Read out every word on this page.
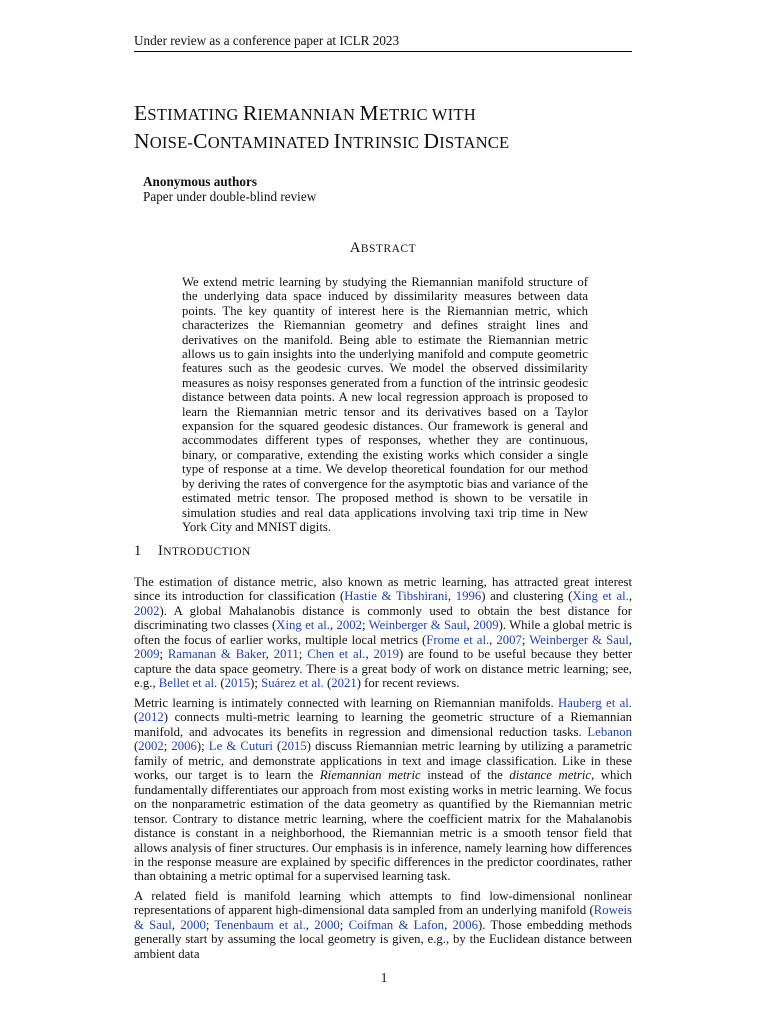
Under review as a conference paper at ICLR 2023
ESTIMATING RIEMANNIAN METRIC WITH
NOISE-CONTAMINATED INTRINSIC DISTANCE
Anonymous authors
Paper under double-blind review
ABSTRACT
We extend metric learning by studying the Riemannian manifold structure of the underlying data space induced by dissimilarity measures between data points. The key quantity of interest here is the Riemannian metric, which characterizes the Riemannian geometry and defines straight lines and derivatives on the manifold. Being able to estimate the Riemannian metric allows us to gain insights into the underlying manifold and compute geometric features such as the geodesic curves. We model the observed dissimilarity measures as noisy responses generated from a function of the intrinsic geodesic distance between data points. A new local regression approach is proposed to learn the Riemannian metric tensor and its derivatives based on a Taylor expansion for the squared geodesic distances. Our framework is general and accommodates different types of responses, whether they are continuous, binary, or comparative, extending the existing works which consider a single type of response at a time. We develop theoretical foundation for our method by deriving the rates of convergence for the asymptotic bias and variance of the estimated metric tensor. The proposed method is shown to be versatile in simulation studies and real data applications involving taxi trip time in New York City and MNIST digits.
1 INTRODUCTION
The estimation of distance metric, also known as metric learning, has attracted great interest since its introduction for classification (Hastie & Tibshirani, 1996) and clustering (Xing et al., 2002). A global Mahalanobis distance is commonly used to obtain the best distance for discriminating two classes (Xing et al., 2002; Weinberger & Saul, 2009). While a global metric is often the focus of earlier works, multiple local metrics (Frome et al., 2007; Weinberger & Saul, 2009; Ramanan & Baker, 2011; Chen et al., 2019) are found to be useful because they better capture the data space geometry. There is a great body of work on distance metric learning; see, e.g., Bellet et al. (2015); Suárez et al. (2021) for recent reviews.
Metric learning is intimately connected with learning on Riemannian manifolds. Hauberg et al. (2012) connects multi-metric learning to learning the geometric structure of a Riemannian manifold, and advocates its benefits in regression and dimensional reduction tasks. Lebanon (2002; 2006); Le & Cuturi (2015) discuss Riemannian metric learning by utilizing a parametric family of metric, and demonstrate applications in text and image classification. Like in these works, our target is to learn the Riemannian metric instead of the distance metric, which fundamentally differentiates our approach from most existing works in metric learning. We focus on the nonparametric estimation of the data geometry as quantified by the Riemannian metric tensor. Contrary to distance metric learning, where the coefficient matrix for the Mahalanobis distance is constant in a neighborhood, the Riemannian metric is a smooth tensor field that allows analysis of finer structures. Our emphasis is in inference, namely learning how differences in the response measure are explained by specific differences in the predictor coordinates, rather than obtaining a metric optimal for a supervised learning task.
A related field is manifold learning which attempts to find low-dimensional nonlinear representations of apparent high-dimensional data sampled from an underlying manifold (Roweis & Saul, 2000; Tenenbaum et al., 2000; Coifman & Lafon, 2006). Those embedding methods generally start by assuming the local geometry is given, e.g., by the Euclidean distance between ambient data
1
